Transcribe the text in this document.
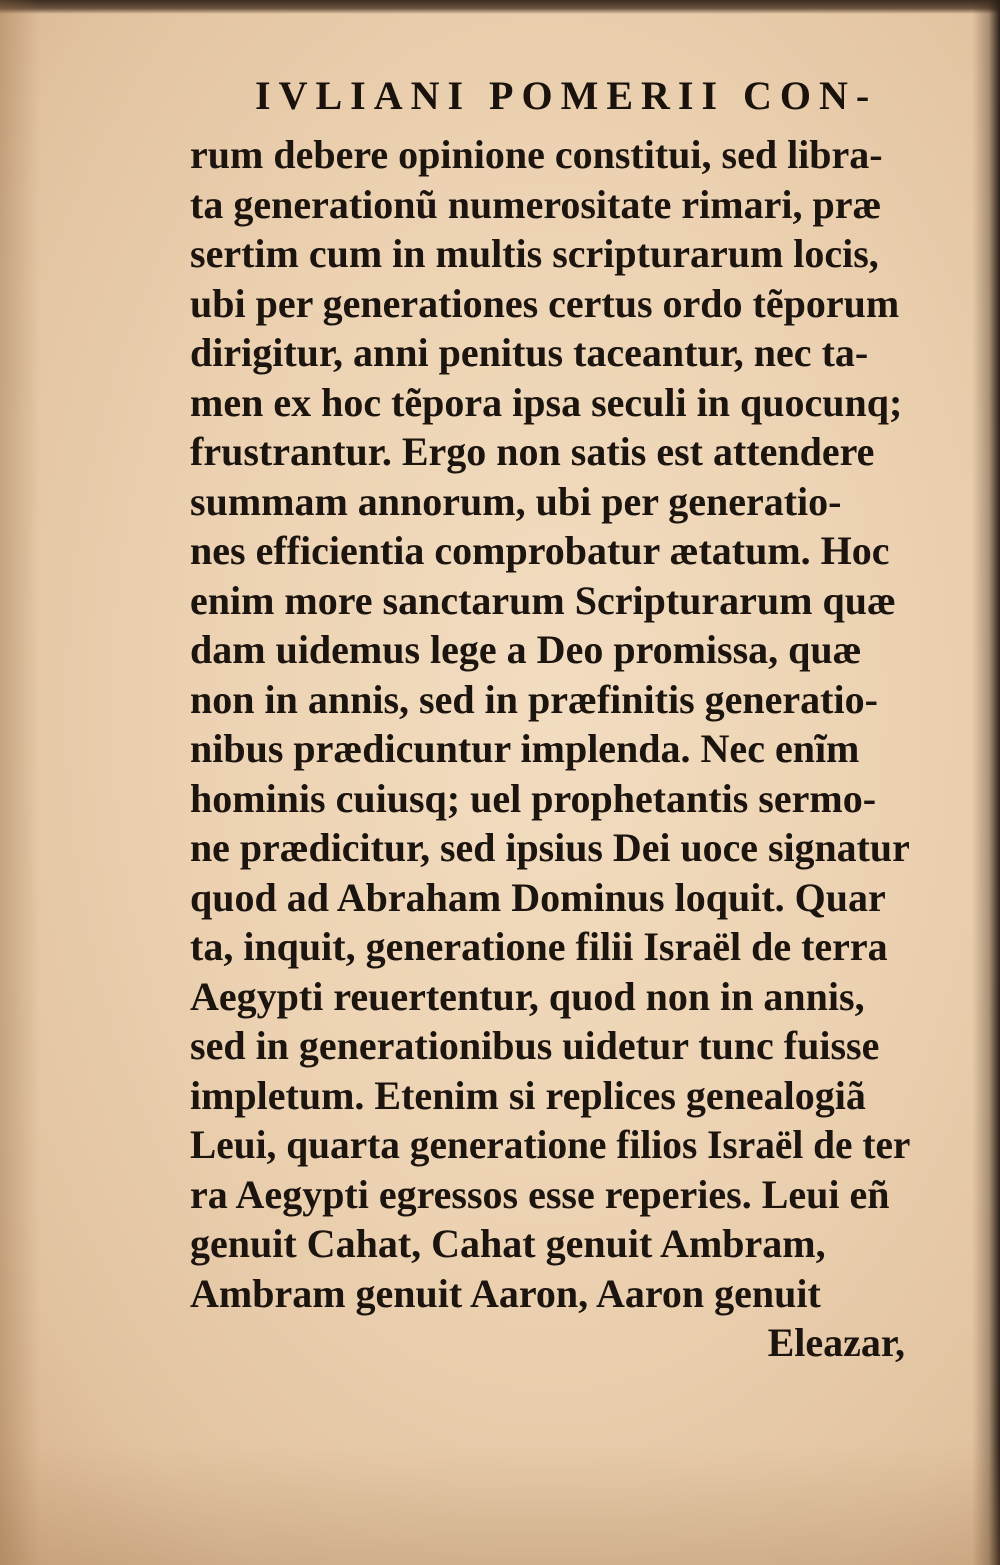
IVLIANI POMERII CON-
rum debere opinione constitui, sed libra-
ta generationũ numerositate rimari, præ
sertim cum in multis scripturarum locis,
ubi per generationes certus ordo tẽporum
dirigitur, anni penitus taceantur, nec ta-
men ex hoc tẽpora ipsa seculi in quocunq;
frustrantur. Ergo non satis est attendere
summam annorum, ubi per generatio-
nes efficientia comprobatur ætatum. Hoc
enim more sanctarum Scripturarum quæ
dam uidemus lege a Deo promissa, quæ
non in annis, sed in præfinitis generatio-
nibus prædicuntur implenda. Nec enĩm
hominis cuiusq; uel prophetantis sermo-
ne prædicitur, sed ipsius Dei uoce signatur
quod ad Abraham Dominus loquit. Quar
ta, inquit, generatione filii Israël de terra
Aegypti reuertentur, quod non in annis,
sed in generationibus uidetur tunc fuisse
impletum. Etenim si replices genealogiã
Leui, quarta generatione filios Israël de ter
ra Aegypti egressos esse reperies. Leui eñ
genuit Cahat, Cahat genuit Ambram,
Ambram genuit Aaron, Aaron genuit
Eleazar,
